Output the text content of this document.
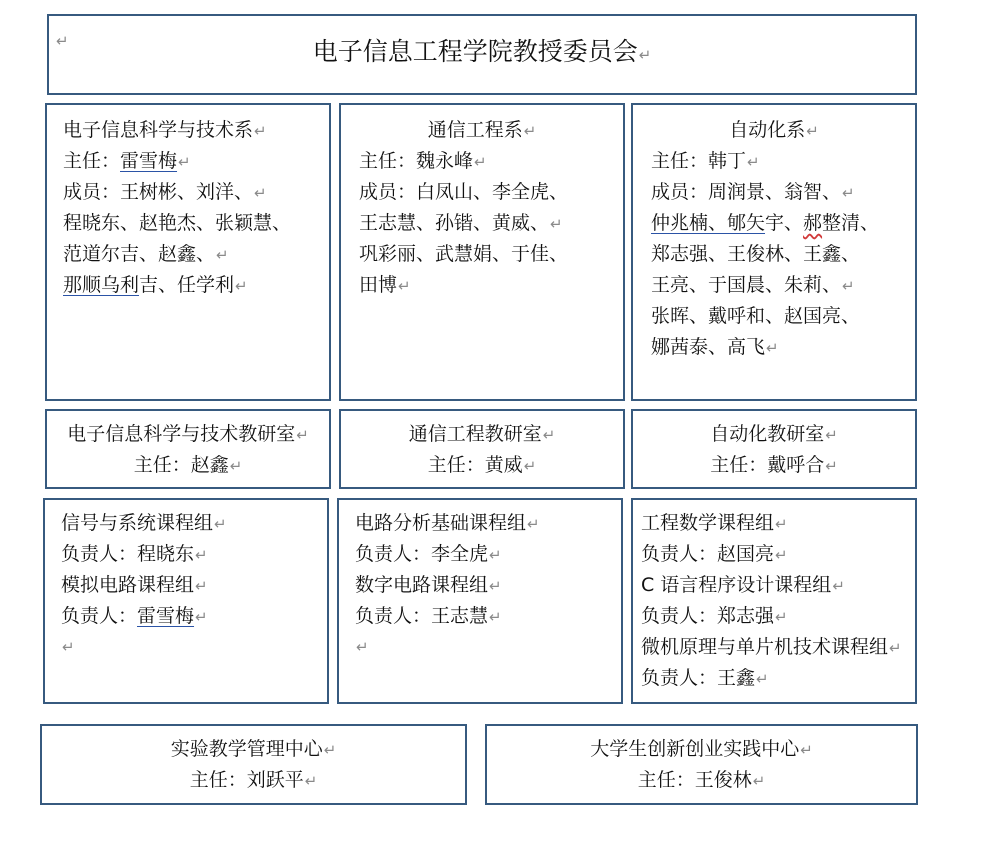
↵	电子信息工程学院教授委员会↵
电子信息科学与技术系↵
主任：雷雪梅↵
成员：王树彬、刘洋、↵
程晓东、赵艳杰、张颖慧、
范道尔吉、赵鑫、↵
那顺乌利吉、任学利↵
通信工程系↵
主任：魏永峰↵
成员：白凤山、李全虎、
王志慧、孙锴、黄威、↵
巩彩丽、武慧娟、于佳、
田博↵
自动化系↵
主任：韩丁↵
成员：周润景、翁智、↵
仲兆楠、郇矢宇、郝整清、
郑志强、王俊林、王鑫、
王亮、于国晨、朱莉、↵
张晖、戴呼和、赵国亮、
娜茜泰、高飞↵
电子信息科学与技术教研室↵
主任：赵鑫↵
通信工程教研室↵
主任：黄威↵
自动化教研室↵
主任：戴呼合↵
信号与系统课程组↵
负责人：程晓东↵
模拟电路课程组↵
负责人：雷雪梅↵
↵
电路分析基础课程组↵
负责人：李全虎↵
数字电路课程组↵
负责人：王志慧↵
↵
工程数学课程组↵
负责人：赵国亮↵
C 语言程序设计课程组↵
负责人：郑志强↵
微机原理与单片机技术课程组↵
负责人：王鑫↵
实验教学管理中心↵
主任：刘跃平↵
大学生创新创业实践中心↵
主任：王俊林↵
